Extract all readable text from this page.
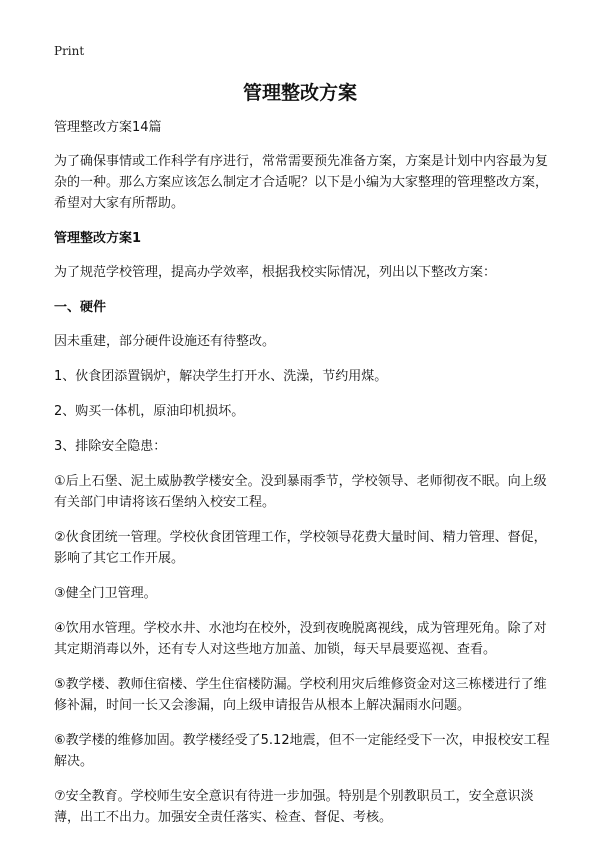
Print
管理整改方案

管理整改方案14篇

为了确保事情或工作科学有序进行，常常需要预先准备方案，方案是计划中内容最为复杂的一种。那么方案应该怎么制定才合适呢？以下是小编为大家整理的管理整改方案，希望对大家有所帮助。

管理整改方案1

为了规范学校管理，提高办学效率，根据我校实际情况，列出以下整改方案：

一、硬件

因未重建，部分硬件设施还有待整改。

1、伙食团添置锅炉，解决学生打开水、洗澡，节约用煤。

2、购买一体机，原油印机损坏。

3、排除安全隐患：

①后上石堡、泥土威胁教学楼安全。没到暴雨季节，学校领导、老师彻夜不眠。向上级有关部门申请将该石堡纳入校安工程。

②伙食团统一管理。学校伙食团管理工作，学校领导花费大量时间、精力管理、督促，影响了其它工作开展。

③健全门卫管理。

④饮用水管理。学校水井、水池均在校外，没到夜晚脱离视线，成为管理死角。除了对其定期消毒以外，还有专人对这些地方加盖、加锁，每天早晨要巡视、查看。

⑤教学楼、教师住宿楼、学生住宿楼防漏。学校利用灾后维修资金对这三栋楼进行了维修补漏，时间一长又会渗漏，向上级申请报告从根本上解决漏雨水问题。

⑥教学楼的维修加固。教学楼经受了5.12地震，但不一定能经受下一次，申报校安工程解决。

⑦安全教育。学校师生安全意识有待进一步加强。特别是个别教职员工，安全意识淡薄，出工不出力。加强安全责任落实、检查、督促、考核。
